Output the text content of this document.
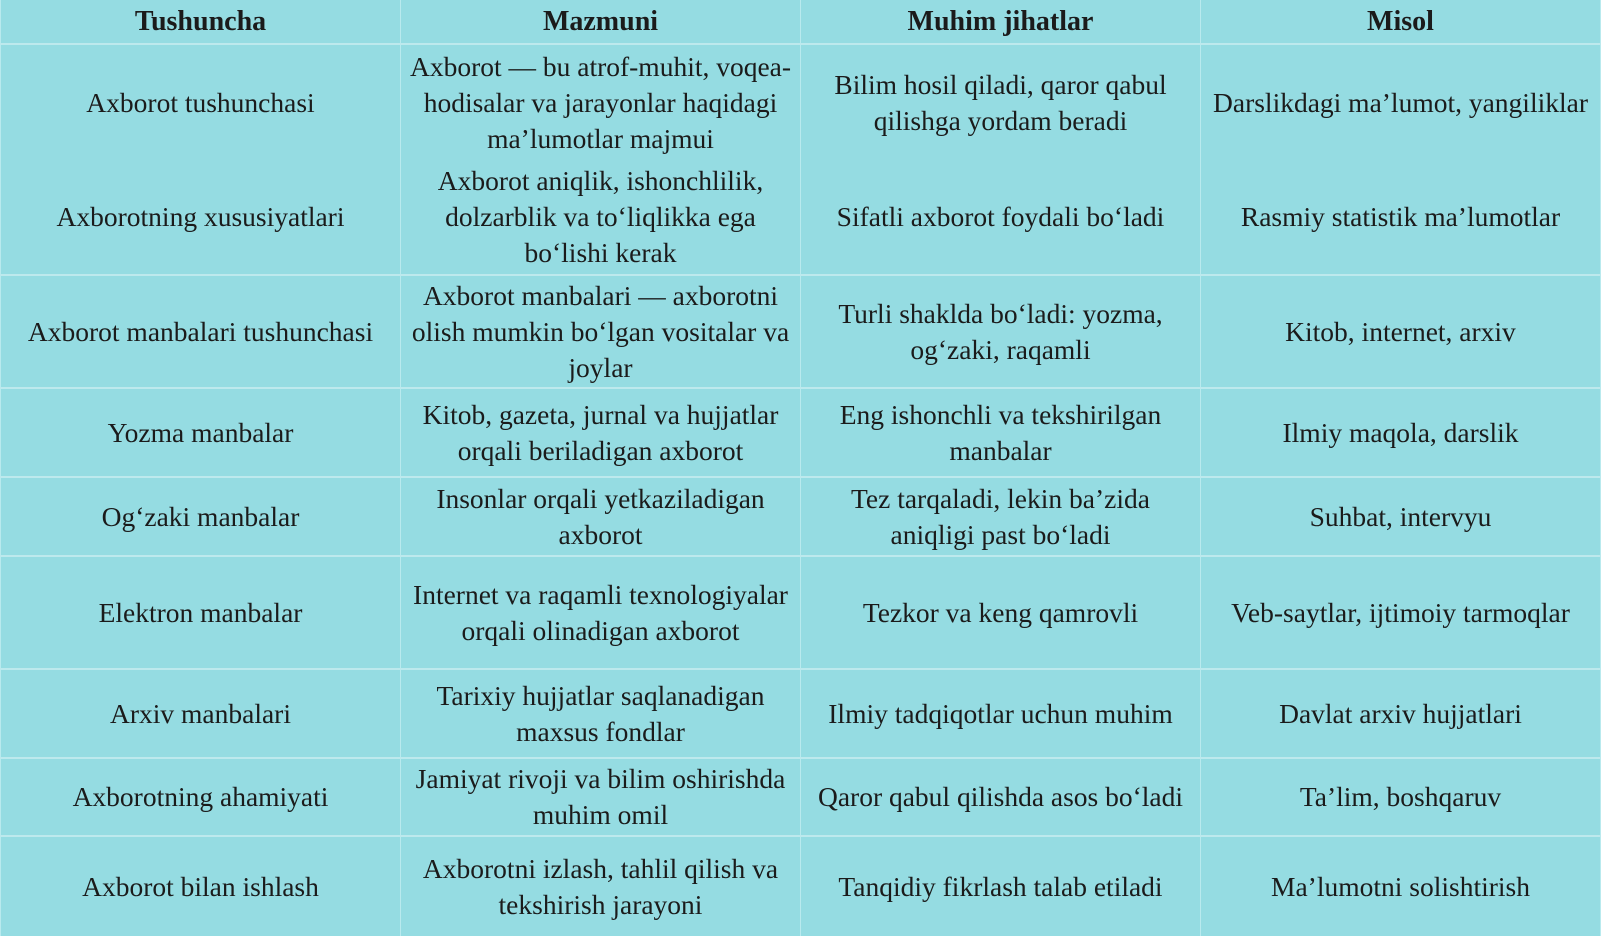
Tushuncha	Mazmuni	Muhim jihatlar	Misol
Axborot tushunchasi	Axborot — bu atrof-muhit, voqea-hodisalar va jarayonlar haqidagi ma’lumotlar majmui	Bilim hosil qiladi, qaror qabul qilishga yordam beradi	Darslikdagi ma’lumot, yangiliklar
Axborotning xususiyatlari	Axborot aniqlik, ishonchlilik, dolzarblik va to‘liqlikka ega bo‘lishi kerak	Sifatli axborot foydali bo‘ladi	Rasmiy statistik ma’lumotlar
Axborot manbalari tushunchasi	Axborot manbalari — axborotni olish mumkin bo‘lgan vositalar va joylar	Turli shaklda bo‘ladi: yozma, og‘zaki, raqamli	Kitob, internet, arxiv
Yozma manbalar	Kitob, gazeta, jurnal va hujjatlar orqali beriladigan axborot	Eng ishonchli va tekshirilgan manbalar	Ilmiy maqola, darslik
Og‘zaki manbalar	Insonlar orqali yetkaziladigan axborot	Tez tarqaladi, lekin ba’zida aniqligi past bo‘ladi	Suhbat, intervyu
Elektron manbalar	Internet va raqamli texnologiyalar orqali olinadigan axborot	Tezkor va keng qamrovli	Veb-saytlar, ijtimoiy tarmoqlar
Arxiv manbalari	Tarixiy hujjatlar saqlanadigan maxsus fondlar	Ilmiy tadqiqotlar uchun muhim	Davlat arxiv hujjatlari
Axborotning ahamiyati	Jamiyat rivoji va bilim oshirishda muhim omil	Qaror qabul qilishda asos bo‘ladi	Ta’lim, boshqaruv
Axborot bilan ishlash	Axborotni izlash, tahlil qilish va tekshirish jarayoni	Tanqidiy fikrlash talab etiladi	Ma’lumotni solishtirish
